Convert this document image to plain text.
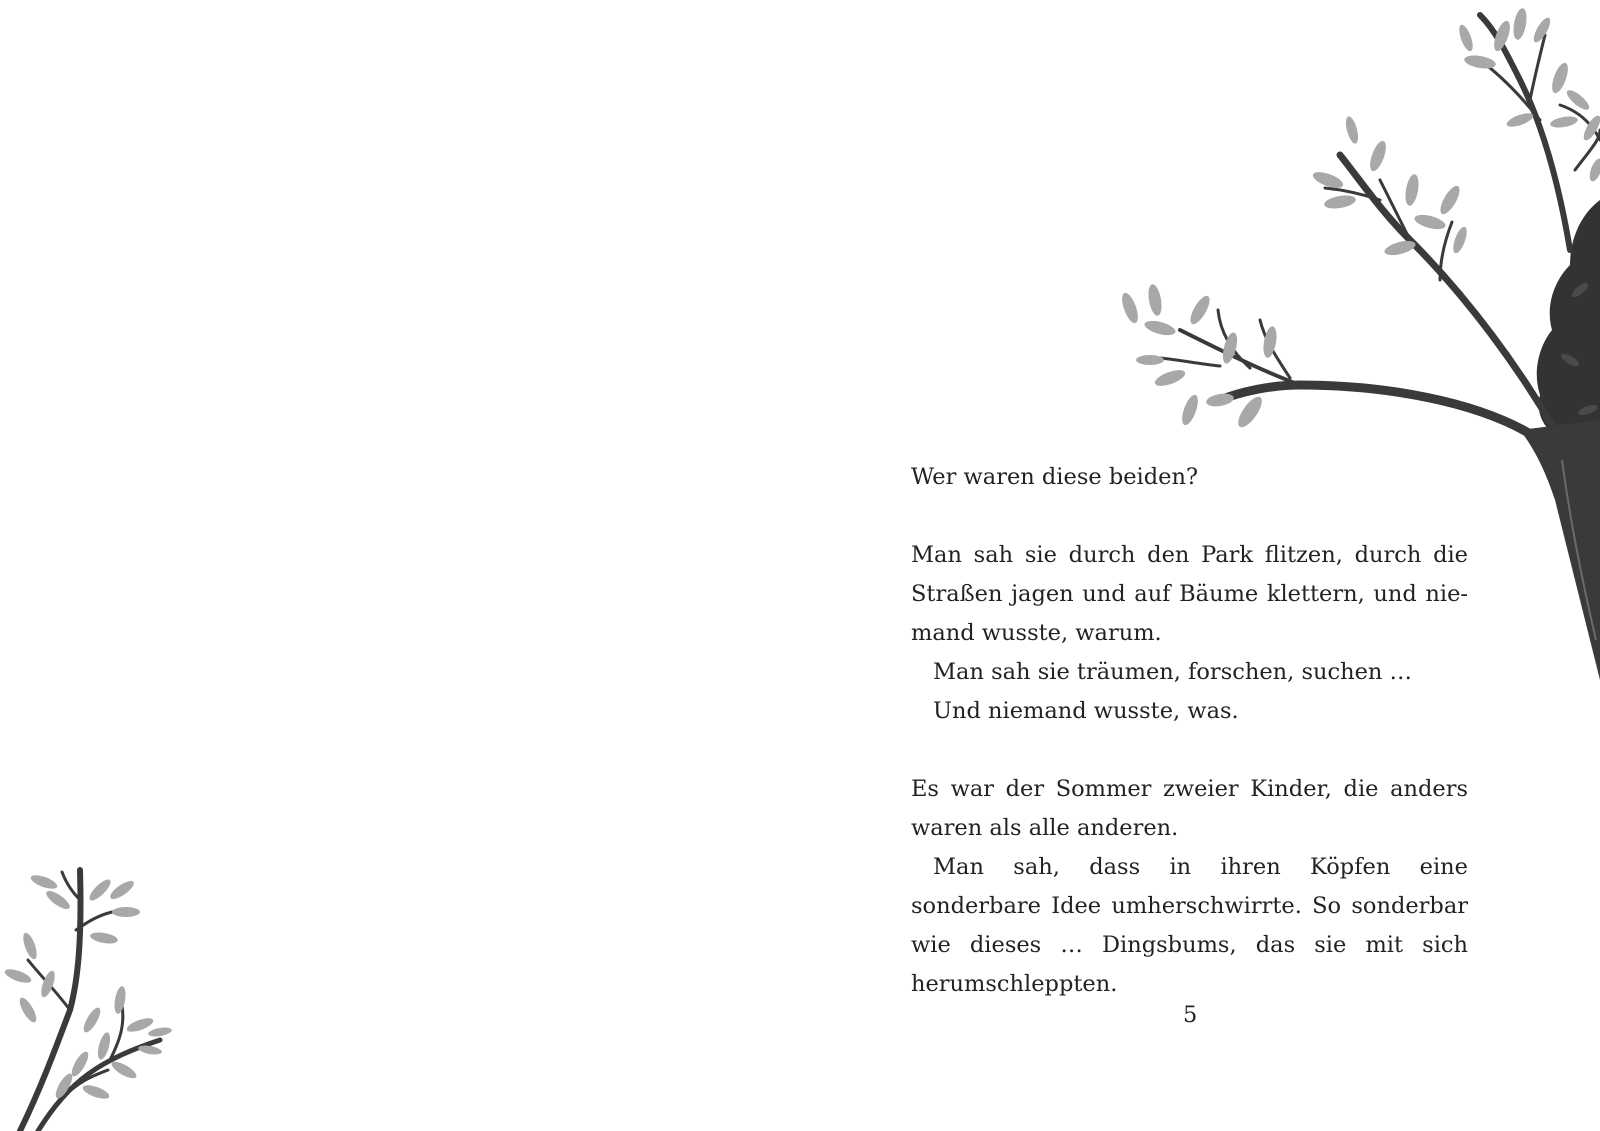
Wer waren diese beiden?

Man sah sie durch den Park flitzen, durch die Straßen jagen und auf Bäume klettern, und niemand wusste, warum.

Man sah sie träumen, forschen, suchen …

Und niemand wusste, was.

Es war der Sommer zweier Kinder, die anders waren als alle anderen.

Man sah, dass in ihren Köpfen eine sonderbare Idee umherschwirrte. So sonderbar wie dieses … Dingsbums, das sie mit sich herumschleppten.

5
